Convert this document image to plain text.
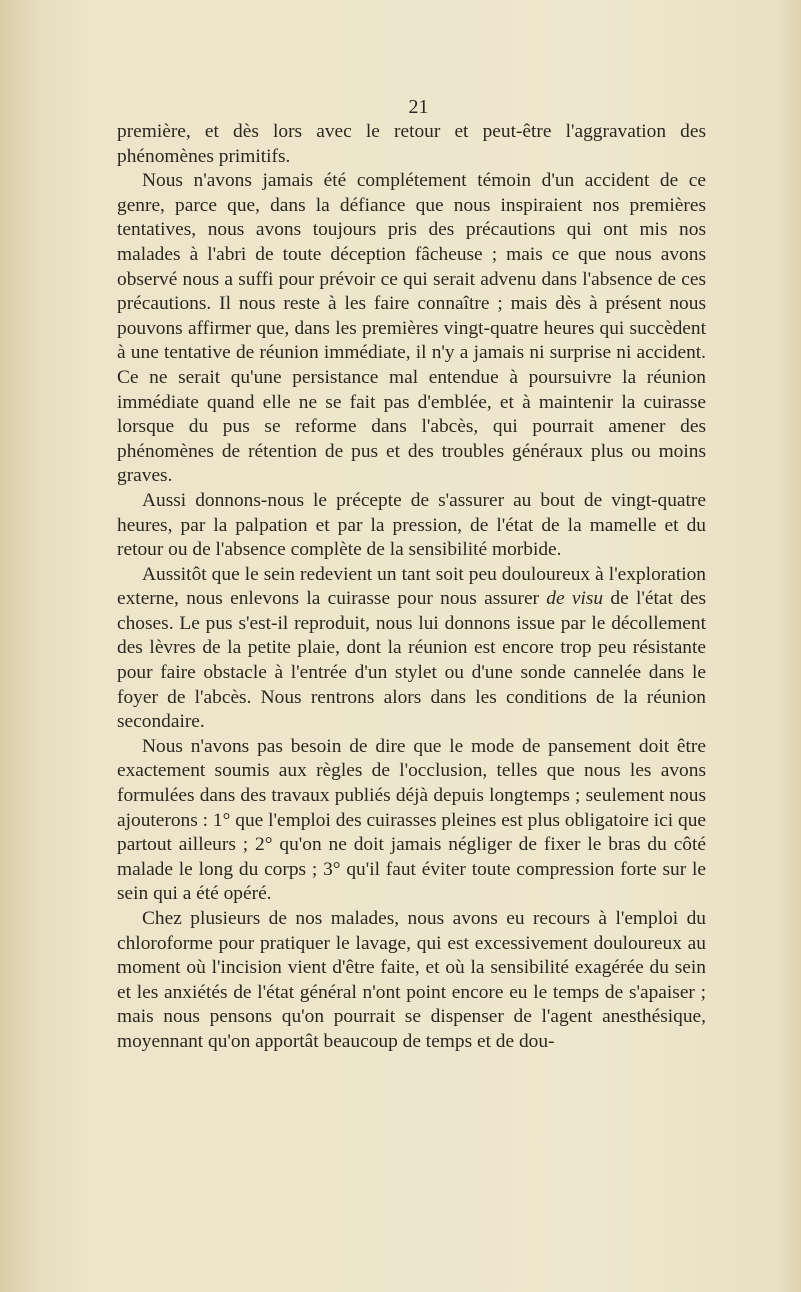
21

première, et dès lors avec le retour et peut-être l'aggravation des phénomènes primitifs.

Nous n'avons jamais été complétement témoin d'un accident de ce genre, parce que, dans la défiance que nous inspiraient nos premières tentatives, nous avons toujours pris des précautions qui ont mis nos malades à l'abri de toute déception fâcheuse ; mais ce que nous avons observé nous a suffi pour prévoir ce qui serait advenu dans l'absence de ces précautions. Il nous reste à les faire connaître ; mais dès à présent nous pouvons affirmer que, dans les premières vingt-quatre heures qui succèdent à une tentative de réunion immédiate, il n'y a jamais ni surprise ni accident. Ce ne serait qu'une persistance mal entendue à poursuivre la réunion immédiate quand elle ne se fait pas d'emblée, et à maintenir la cuirasse lorsque du pus se reforme dans l'abcès, qui pourrait amener des phénomènes de rétention de pus et des troubles généraux plus ou moins graves.

Aussi donnons-nous le précepte de s'assurer au bout de vingt-quatre heures, par la palpation et par la pression, de l'état de la mamelle et du retour ou de l'absence complète de la sensibilité morbide.

Aussitôt que le sein redevient un tant soit peu douloureux à l'exploration externe, nous enlevons la cuirasse pour nous assurer de visu de l'état des choses. Le pus s'est-il reproduit, nous lui donnons issue par le décollement des lèvres de la petite plaie, dont la réunion est encore trop peu résistante pour faire obstacle à l'entrée d'un stylet ou d'une sonde cannelée dans le foyer de l'abcès. Nous rentrons alors dans les conditions de la réunion secondaire.

Nous n'avons pas besoin de dire que le mode de pansement doit être exactement soumis aux règles de l'occlusion, telles que nous les avons formulées dans des travaux publiés déjà depuis longtemps ; seulement nous ajouterons : 1° que l'emploi des cuirasses pleines est plus obligatoire ici que partout ailleurs ; 2° qu'on ne doit jamais négliger de fixer le bras du côté malade le long du corps ; 3° qu'il faut éviter toute compression forte sur le sein qui a été opéré.

Chez plusieurs de nos malades, nous avons eu recours à l'emploi du chloroforme pour pratiquer le lavage, qui est excessivement douloureux au moment où l'incision vient d'être faite, et où la sensibilité exagérée du sein et les anxiétés de l'état général n'ont point encore eu le temps de s'apaiser ; mais nous pensons qu'on pourrait se dispenser de l'agent anesthésique, moyennant qu'on apportât beaucoup de temps et de dou-
